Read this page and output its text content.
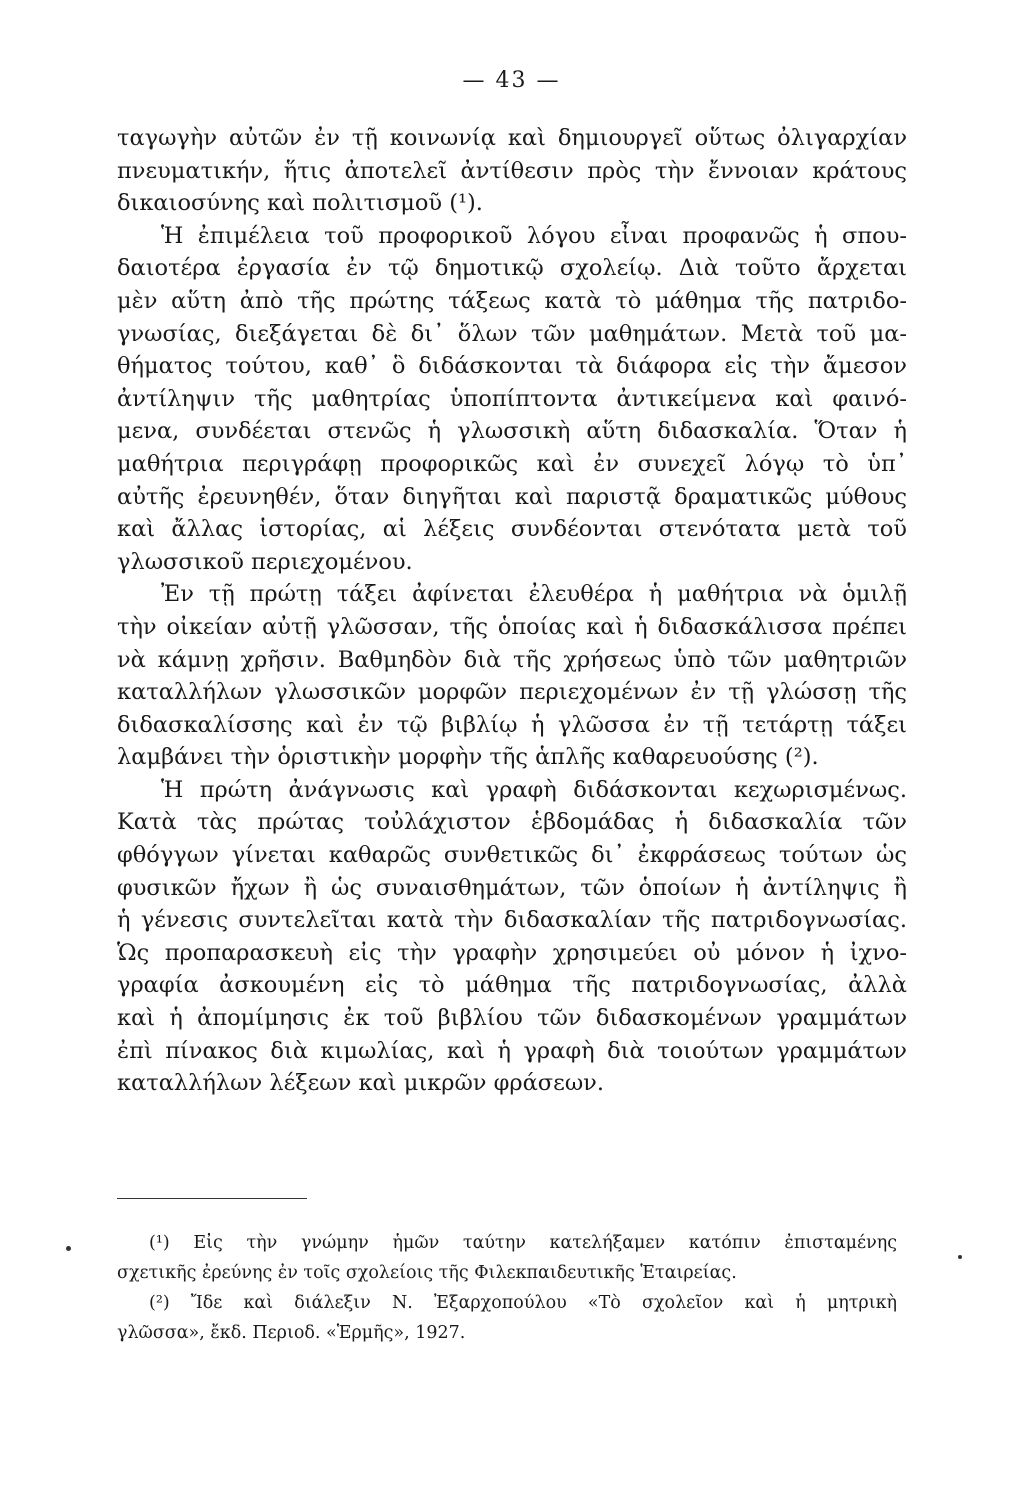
— 43 —
ταγωγὴν αὐτῶν ἐν τῇ κοινωνίᾳ καὶ δημιουργεῖ οὕτως ὀλιγαρχίαν
πνευματικήν, ἥτις ἀποτελεῖ ἀντίθεσιν πρὸς τὴν ἔννοιαν κράτους
δικαιοσύνης καὶ πολιτισμοῦ (¹).
Ἡ ἐπιμέλεια τοῦ προφορικοῦ λόγου εἶναι προφανῶς ἡ σπου-
δαιοτέρα ἐργασία ἐν τῷ δημοτικῷ σχολείῳ. Διὰ τοῦτο ἄρχεται
μὲν αὕτη ἀπὸ τῆς πρώτης τάξεως κατὰ τὸ μάθημα τῆς πατριδο-
γνωσίας, διεξάγεται δὲ δι᾿ ὅλων τῶν μαθημάτων. Μετὰ τοῦ μα-
θήματος τούτου, καθ᾿ ὃ διδάσκονται τὰ διάφορα εἰς τὴν ἄμεσον
ἀντίληψιν τῆς μαθητρίας ὑποπίπτοντα ἀντικείμενα καὶ φαινό-
μενα, συνδέεται στενῶς ἡ γλωσσικὴ αὕτη διδασκαλία. Ὅταν ἡ
μαθήτρια περιγράφῃ προφορικῶς καὶ ἐν συνεχεῖ λόγῳ τὸ ὑπ᾿
αὐτῆς ἐρευνηθέν, ὅταν διηγῆται καὶ παριστᾷ δραματικῶς μύθους
καὶ ἄλλας ἱστορίας, αἱ λέξεις συνδέονται στενότατα μετὰ τοῦ
γλωσσικοῦ περιεχομένου.
Ἐν τῇ πρώτῃ τάξει ἀφίνεται ἐλευθέρα ἡ μαθήτρια νὰ ὁμιλῇ
τὴν οἰκείαν αὐτῇ γλῶσσαν, τῆς ὁποίας καὶ ἡ διδασκάλισσα πρέπει
νὰ κάμνῃ χρῆσιν. Βαθμηδὸν διὰ τῆς χρήσεως ὑπὸ τῶν μαθητριῶν
καταλλήλων γλωσσικῶν μορφῶν περιεχομένων ἐν τῇ γλώσσῃ τῆς
διδασκαλίσσης καὶ ἐν τῷ βιβλίῳ ἡ γλῶσσα ἐν τῇ τετάρτῃ τάξει
λαμβάνει τὴν ὁριστικὴν μορφὴν τῆς ἁπλῆς καθαρευούσης (²).
Ἡ πρώτη ἀνάγνωσις καὶ γραφὴ διδάσκονται κεχωρισμένως.
Κατὰ τὰς πρώτας τοὐλάχιστον ἑβδομάδας ἡ διδασκαλία τῶν
φθόγγων γίνεται καθαρῶς συνθετικῶς δι᾿ ἐκφράσεως τούτων ὡς
φυσικῶν ἤχων ἢ ὡς συναισθημάτων, τῶν ὁποίων ἡ ἀντίληψις ἢ
ἡ γένεσις συντελεῖται κατὰ τὴν διδασκαλίαν τῆς πατριδογνωσίας.
Ὡς προπαρασκευὴ εἰς τὴν γραφὴν χρησιμεύει οὐ μόνον ἡ ἰχνο-
γραφία ἀσκουμένη εἰς τὸ μάθημα τῆς πατριδογνωσίας, ἀλλὰ
καὶ ἡ ἀπομίμησις ἐκ τοῦ βιβλίου τῶν διδασκομένων γραμμάτων
ἐπὶ πίνακος διὰ κιμωλίας, καὶ ἡ γραφὴ διὰ τοιούτων γραμμάτων
καταλλήλων λέξεων καὶ μικρῶν φράσεων.
(¹) Εἰς τὴν γνώμην ἡμῶν ταύτην κατελήξαμεν κατόπιν ἐπισταμένης
σχετικῆς ἐρεύνης ἐν τοῖς σχολείοις τῆς Φιλεκπαιδευτικῆς Ἑταιρείας.
(²) Ἴδε καὶ διάλεξιν Ν. Ἐξαρχοπούλου «Τὸ σχολεῖον καὶ ἡ μητρικὴ
γλῶσσα», ἔκδ. Περιοδ. «Ἑρμῆς», 1927.
